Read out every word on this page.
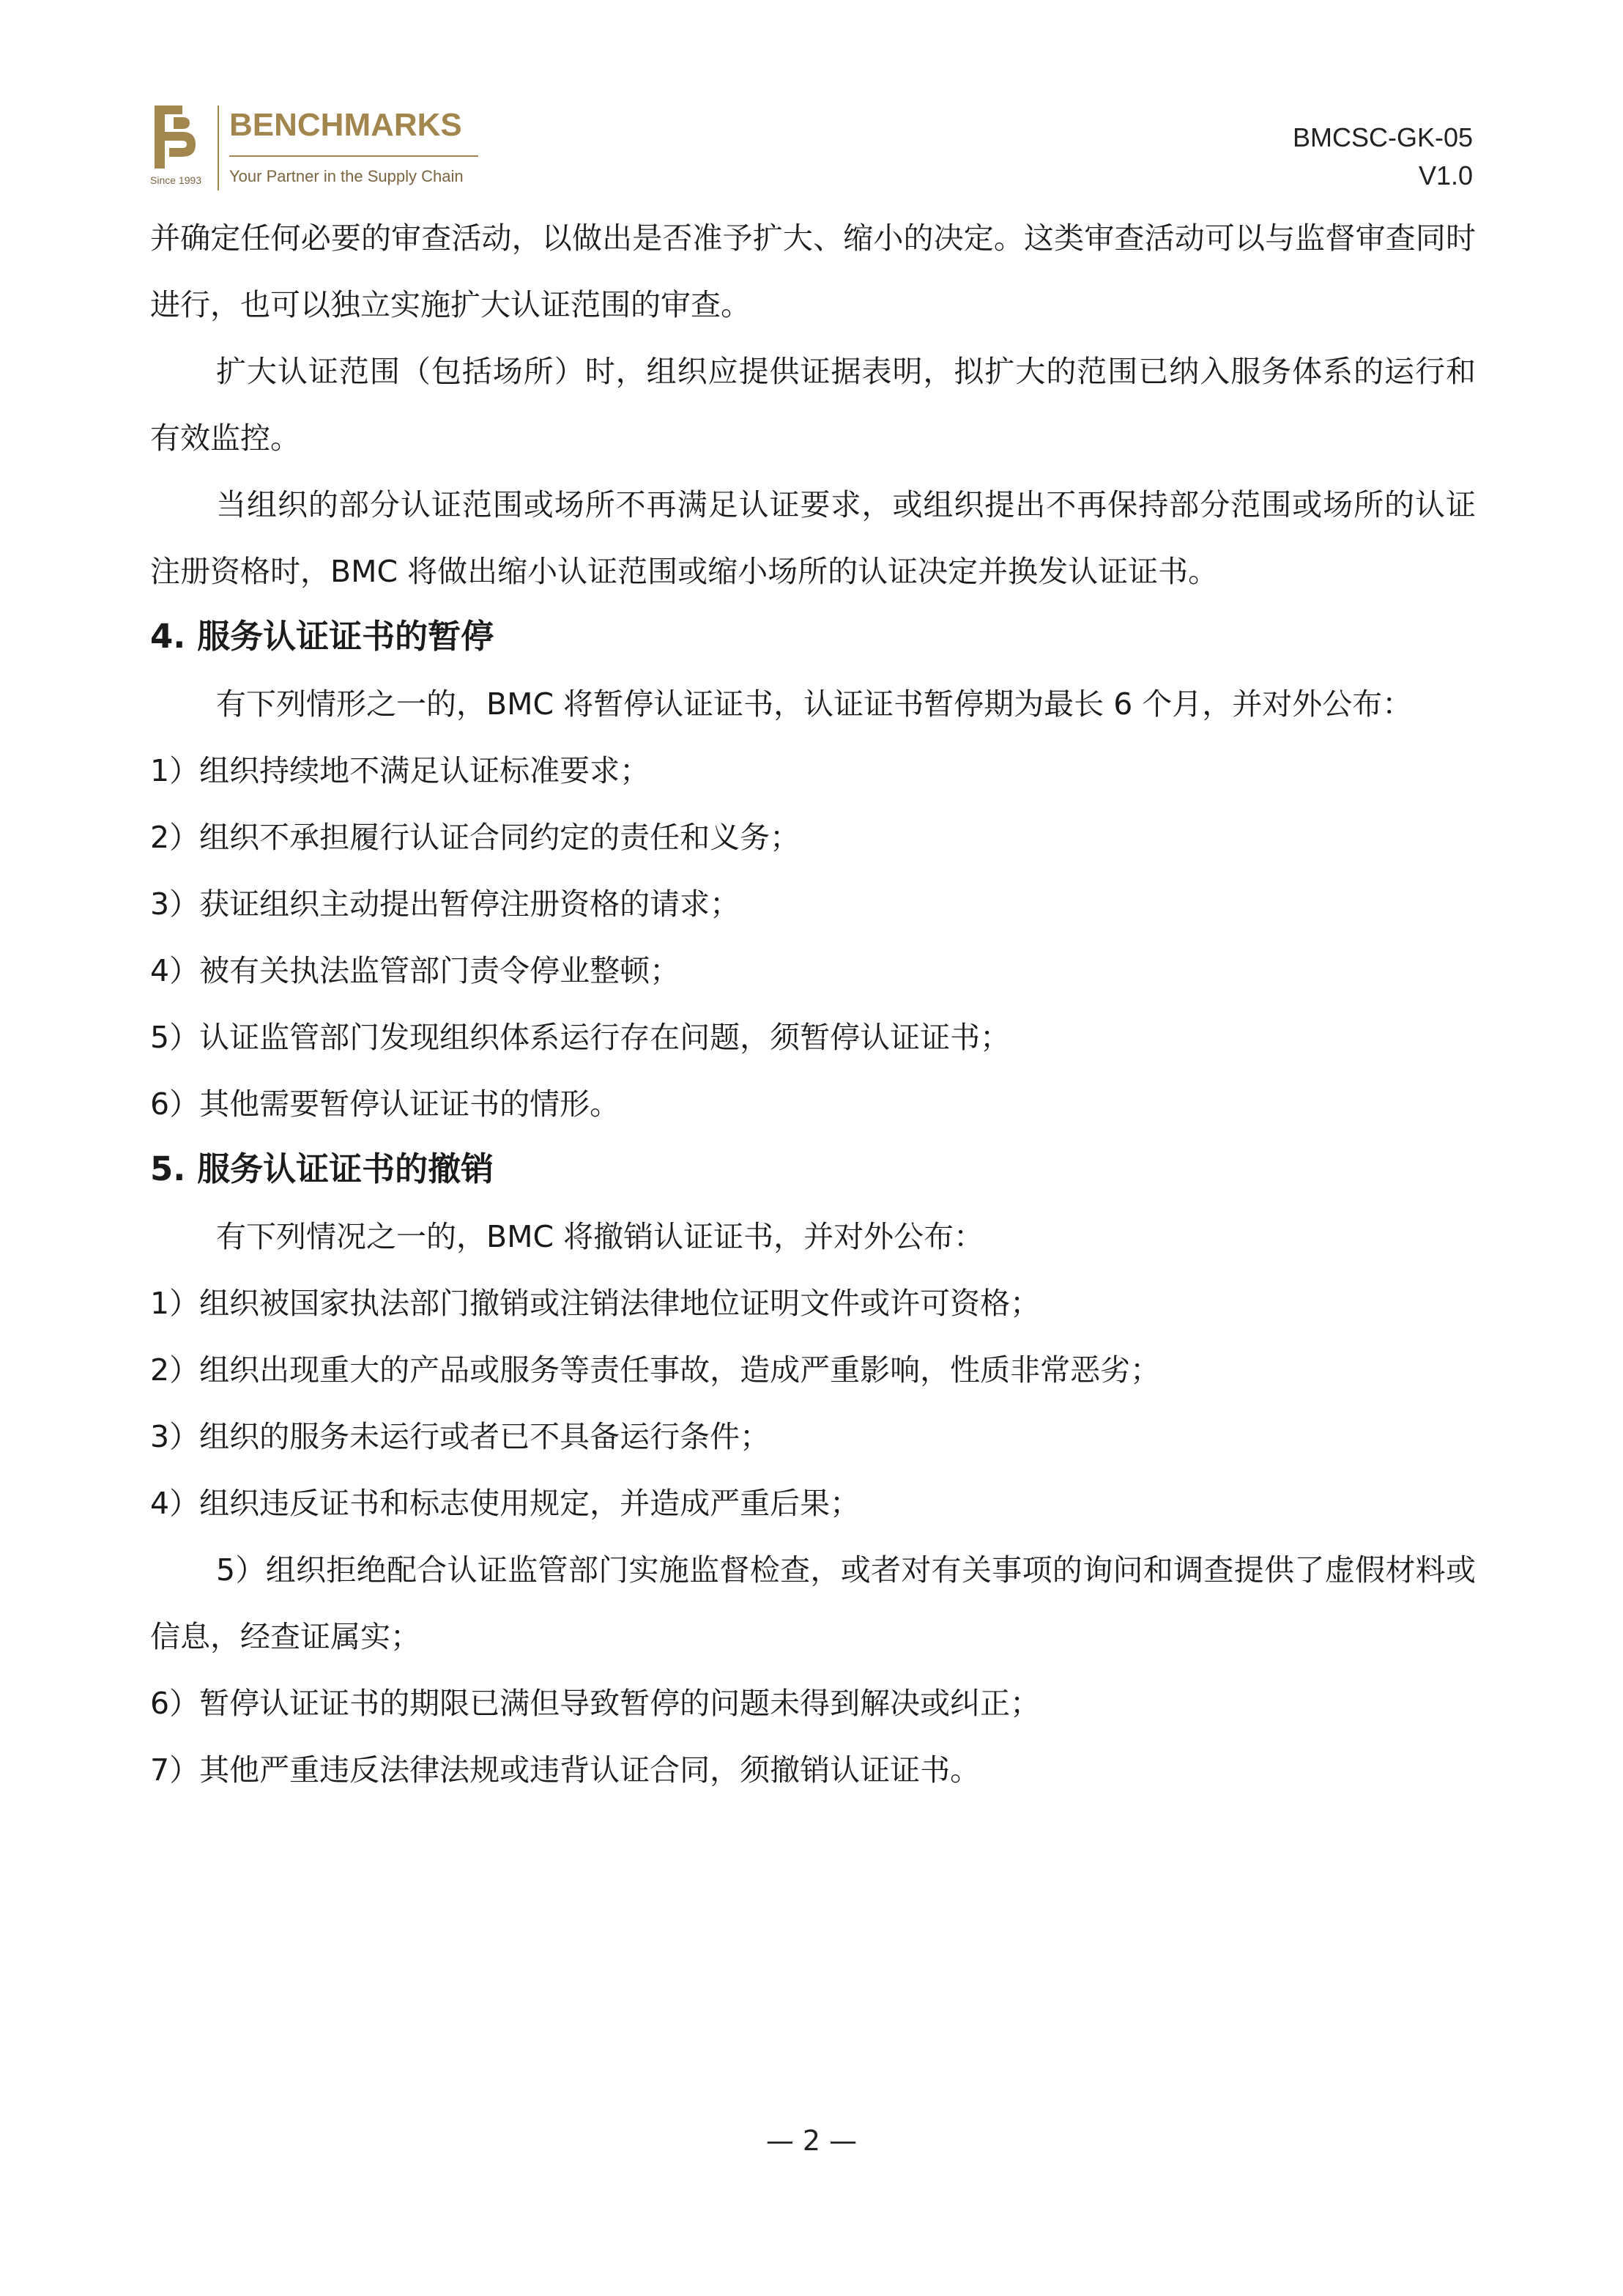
Since 1993
BENCHMARKS
Your Partner in the Supply Chain
BMCSC-GK-05
V1.0

并确定任何必要的审查活动，以做出是否准予扩大、缩小的决定。这类审查活动可以与监督审查同时进行，也可以独立实施扩大认证范围的审查。

扩大认证范围（包括场所）时，组织应提供证据表明，拟扩大的范围已纳入服务体系的运行和有效监控。

当组织的部分认证范围或场所不再满足认证要求，或组织提出不再保持部分范围或场所的认证注册资格时，BMC 将做出缩小认证范围或缩小场所的认证决定并换发认证证书。

4. 服务认证证书的暂停

有下列情形之一的，BMC 将暂停认证证书，认证证书暂停期为最长 6 个月，并对外公布：

1）组织持续地不满足认证标准要求；

2）组织不承担履行认证合同约定的责任和义务；

3）获证组织主动提出暂停注册资格的请求；

4）被有关执法监管部门责令停业整顿；

5）认证监管部门发现组织体系运行存在问题，须暂停认证证书；

6）其他需要暂停认证证书的情形。

5. 服务认证证书的撤销

有下列情况之一的，BMC 将撤销认证证书，并对外公布：

1）组织被国家执法部门撤销或注销法律地位证明文件或许可资格；

2）组织出现重大的产品或服务等责任事故，造成严重影响，性质非常恶劣；

3）组织的服务未运行或者已不具备运行条件；

4）组织违反证书和标志使用规定，并造成严重后果；

5）组织拒绝配合认证监管部门实施监督检查，或者对有关事项的询问和调查提供了虚假材料或信息，经查证属实；

6）暂停认证证书的期限已满但导致暂停的问题未得到解决或纠正；

7）其他严重违反法律法规或违背认证合同，须撤销认证证书。

— 2 —
